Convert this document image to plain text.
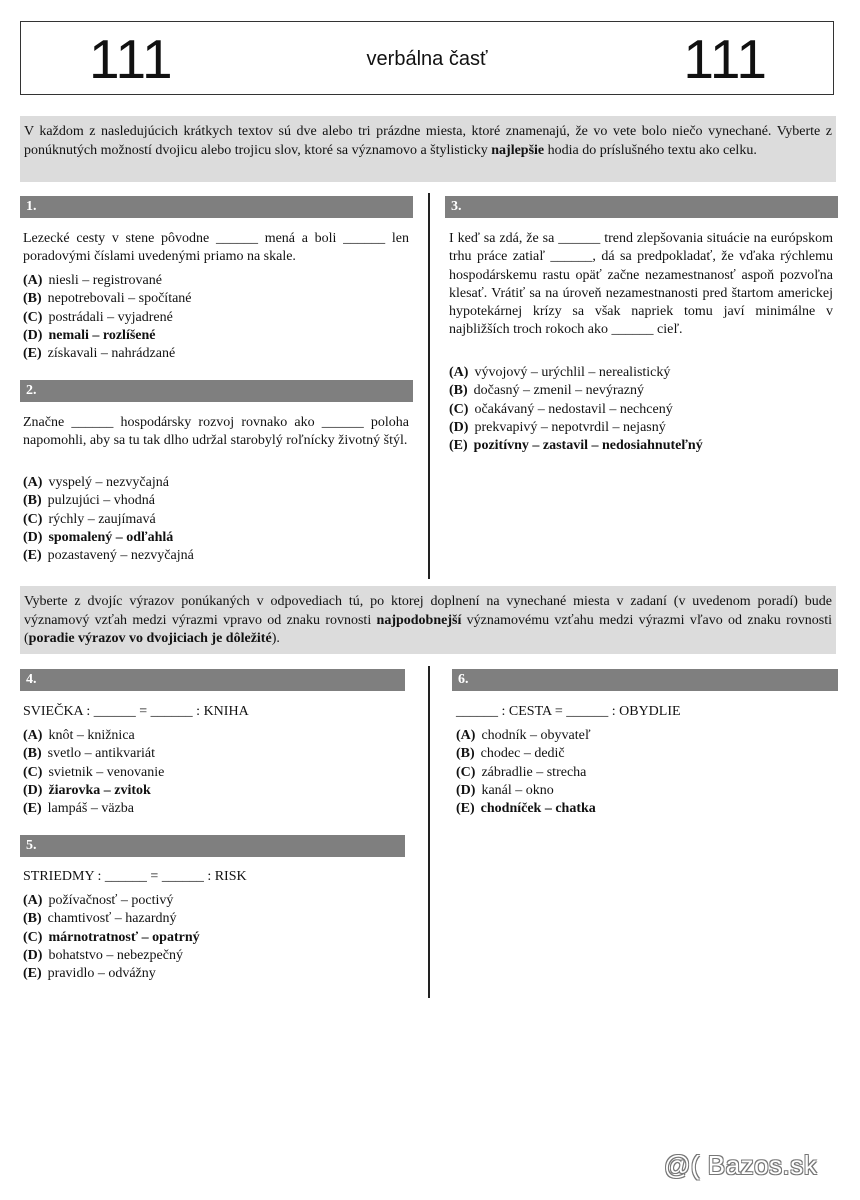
111	verbálna časť	111
V každom z nasledujúcich krátkych textov sú dve alebo tri prázdne miesta, ktoré znamenajú, že vo vete bolo niečo vynechané. Vyberte z ponúknutých možností dvojicu alebo trojicu slov, ktoré sa významovo a štylisticky najlepšie hodia do príslušného textu ako celku.
1.
Lezecké cesty v stene pôvodne ______ mená a boli ______ len poradovými číslami uvedenými priamo na skale.
(A) niesli – registrované
(B) nepotrebovali – spočítané
(C) postrádali – vyjadrené
(D) nemali – rozlíšené
(E) získavali – nahrádzané
2.
Značne ______ hospodársky rozvoj rovnako ako ______ poloha napomohli, aby sa tu tak dlho udržal starobylý roľnícky životný štýl.
(A) vyspelý – nezvyčajná
(B) pulzujúci – vhodná
(C) rýchly – zaujímavá
(D) spomalený – odľahlá
(E) pozastavený – nezvyčajná
3.
I keď sa zdá, že sa ______ trend zlepšovania situácie na európskom trhu práce zatiaľ ______, dá sa predpokladať, že vďaka rýchlemu hospodárskemu rastu opäť začne nezamestnanosť aspoň pozvoľna klesať. Vrátiť sa na úroveň nezamestnanosti pred štartom americkej hypotekárnej krízy sa však napriek tomu javí minimálne v najbližších troch rokoch ako ______ cieľ.
(A) vývojový – urýchlil – nerealistický
(B) dočasný – zmenil – nevýrazný
(C) očakávaný – nedostavil – nechcený
(D) prekvapivý – nepotvrdil – nejasný
(E) pozitívny – zastavil – nedosiahnuteľný
Vyberte z dvojíc výrazov ponúkaných v odpovediach tú, po ktorej doplnení na vynechané miesta v zadaní (v uvedenom poradí) bude významový vzťah medzi výrazmi vpravo od znaku rovnosti najpodobnejší významovému vzťahu medzi výrazmi vľavo od znaku rovnosti (poradie výrazov vo dvojiciach je dôležité).
4.
SVIEČKA : ______ = ______ : KNIHA
(A) knôt – knižnica
(B) svetlo – antikvariát
(C) svietnik – venovanie
(D) žiarovka – zvitok
(E) lampáš – väzba
5.
STRIEDMY : ______ = ______ : RISK
(A) požívačnosť – poctivý
(B) chamtivosť – hazardný
(C) márnotratnosť – opatrný
(D) bohatstvo – nebezpečný
(E) pravidlo – odvážny
6.
______ : CESTA = ______ : OBYDLIE
(A) chodník – obyvateľ
(B) chodec – dedič
(C) zábradlie – strecha
(D) kanál – okno
(E) chodníček – chatka
@( Bazos.sk
